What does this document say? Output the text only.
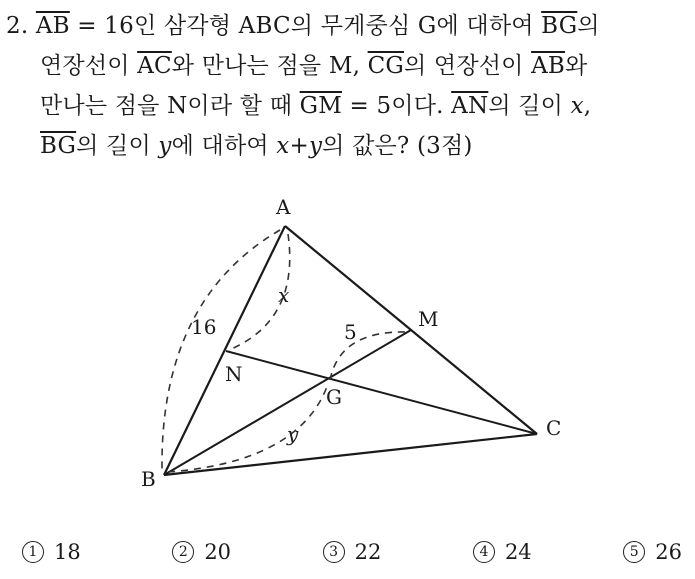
2. $\overline{AB} = 16$인 삼각형 ABC의 무게중심 G에 대하여 $\overline{BG}$의
연장선이 $\overline{AC}$와 만나는 점을 M, $\overline{CG}$의 연장선이 $\overline{AB}$와
만나는 점을 N이라 할 때 $\overline{GM} = 5$이다. $\overline{AN}$의 길이 x,
$\overline{BG}$의 길이 y에 대하여 x+y의 값은? (3점)
A
B
C
M
N
G
16	5
x
y
1 18	2 20	3 22	4 24	5 26
